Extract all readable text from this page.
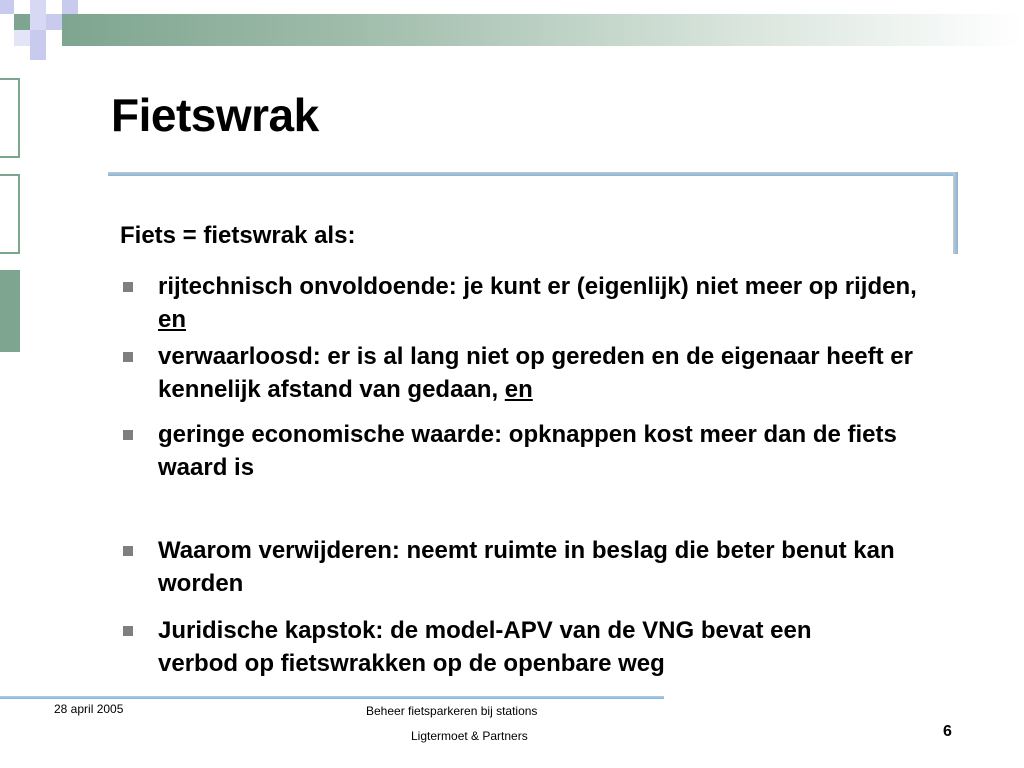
Fietswrak
Fiets = fietswrak als:
rijtechnisch onvoldoende: je kunt er (eigenlijk) niet meer op rijden, en
verwaarloosd: er is al lang niet op gereden en de eigenaar heeft er kennelijk afstand van gedaan, en
geringe economische waarde: opknappen kost meer dan de fiets waard is
Waarom verwijderen: neemt ruimte in beslag die beter benut kan worden
Juridische kapstok: de model-APV van de VNG bevat een verbod op fietswrakken op de openbare weg
28 april 2005	Beheer fietsparkeren bij stations
Ligtermoet & Partners	6
